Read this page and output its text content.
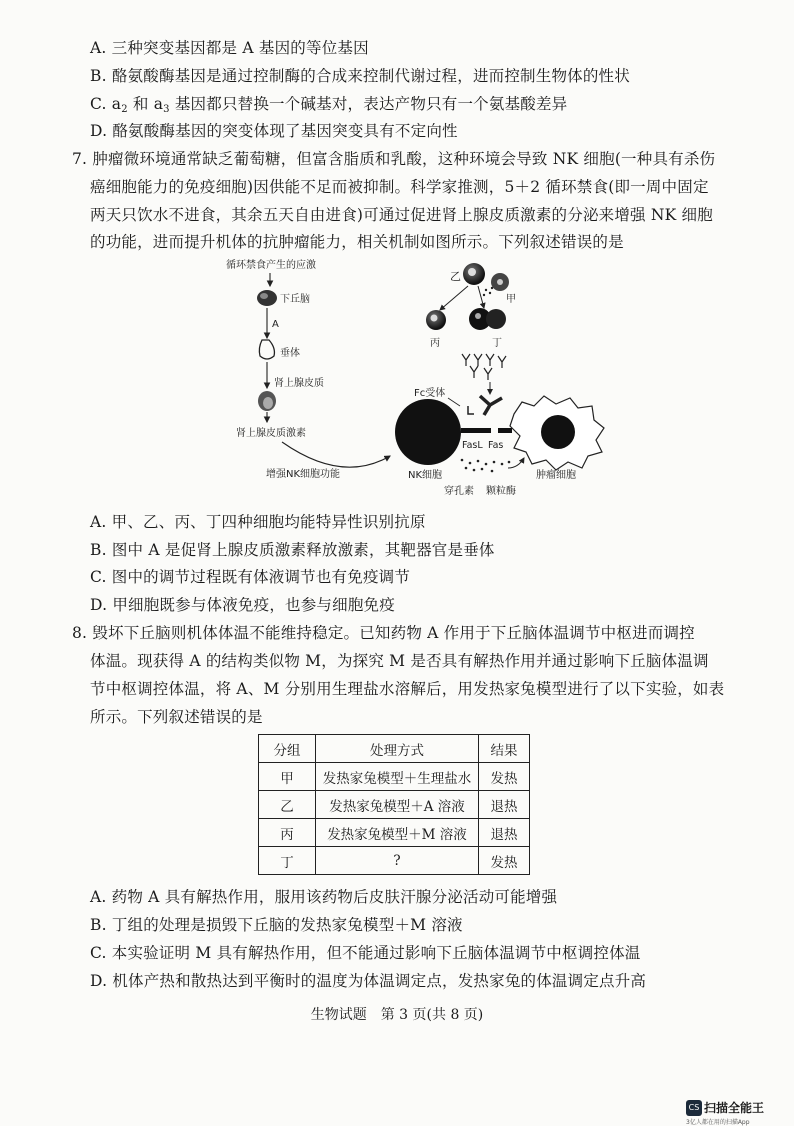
A. 三种突变基因都是 A 基因的等位基因
B. 酪氨酸酶基因是通过控制酶的合成来控制代谢过程，进而控制生物体的性状
C. $a_2$ 和 $a_3$ 基因都只替换一个碱基对，表达产物只有一个氨基酸差异
D. 酪氨酸酶基因的突变体现了基因突变具有不定向性
7. 肿瘤微环境通常缺乏葡萄糖，但富含脂质和乳酸，这种环境会导致 NK 细胞(一种具有杀伤
癌细胞能力的免疫细胞)因供能不足而被抑制。科学家推测，5＋2 循环禁食(即一周中固定
两天只饮水不进食，其余五天自由进食)可通过促进肾上腺皮质激素的分泌来增强 NK 细胞
的功能，进而提升机体的抗肿瘤能力，相关机制如图所示。下列叙述错误的是
循环禁食产生的应激
下丘脑
A
垂体
肾上腺皮质
肾上腺皮质激素
增强NK细胞功能
乙
甲
丙	丁
Fc受体
NK细胞
FasL Fas
穿孔素 颗粒酶
肿瘤细胞
A. 甲、乙、丙、丁四种细胞均能特异性识别抗原
B. 图中 A 是促肾上腺皮质激素释放激素，其靶器官是垂体
C. 图中的调节过程既有体液调节也有免疫调节
D. 甲细胞既参与体液免疫，也参与细胞免疫
8. 毁坏下丘脑则机体体温不能维持稳定。已知药物 A 作用于下丘脑体温调节中枢进而调控
体温。现获得 A 的结构类似物 M，为探究 M 是否具有解热作用并通过影响下丘脑体温调
节中枢调控体温，将 A、M 分别用生理盐水溶解后，用发热家兔模型进行了以下实验，如表
所示。下列叙述错误的是
分组	处理方式	结果
甲	发热家兔模型＋生理盐水	发热
乙	发热家兔模型＋A 溶液	退热
丙	发热家兔模型＋M 溶液	退热
丁	?	发热
A. 药物 A 具有解热作用，服用该药物后皮肤汗腺分泌活动可能增强
B. 丁组的处理是损毁下丘脑的发热家兔模型＋M 溶液
C. 本实验证明 M 具有解热作用，但不能通过影响下丘脑体温调节中枢调控体温
D. 机体产热和散热达到平衡时的温度为体温调定点，发热家兔的体温调定点升高
生物试题　第 3 页(共 8 页)
CS 扫描全能王
3亿人都在用的扫描App
